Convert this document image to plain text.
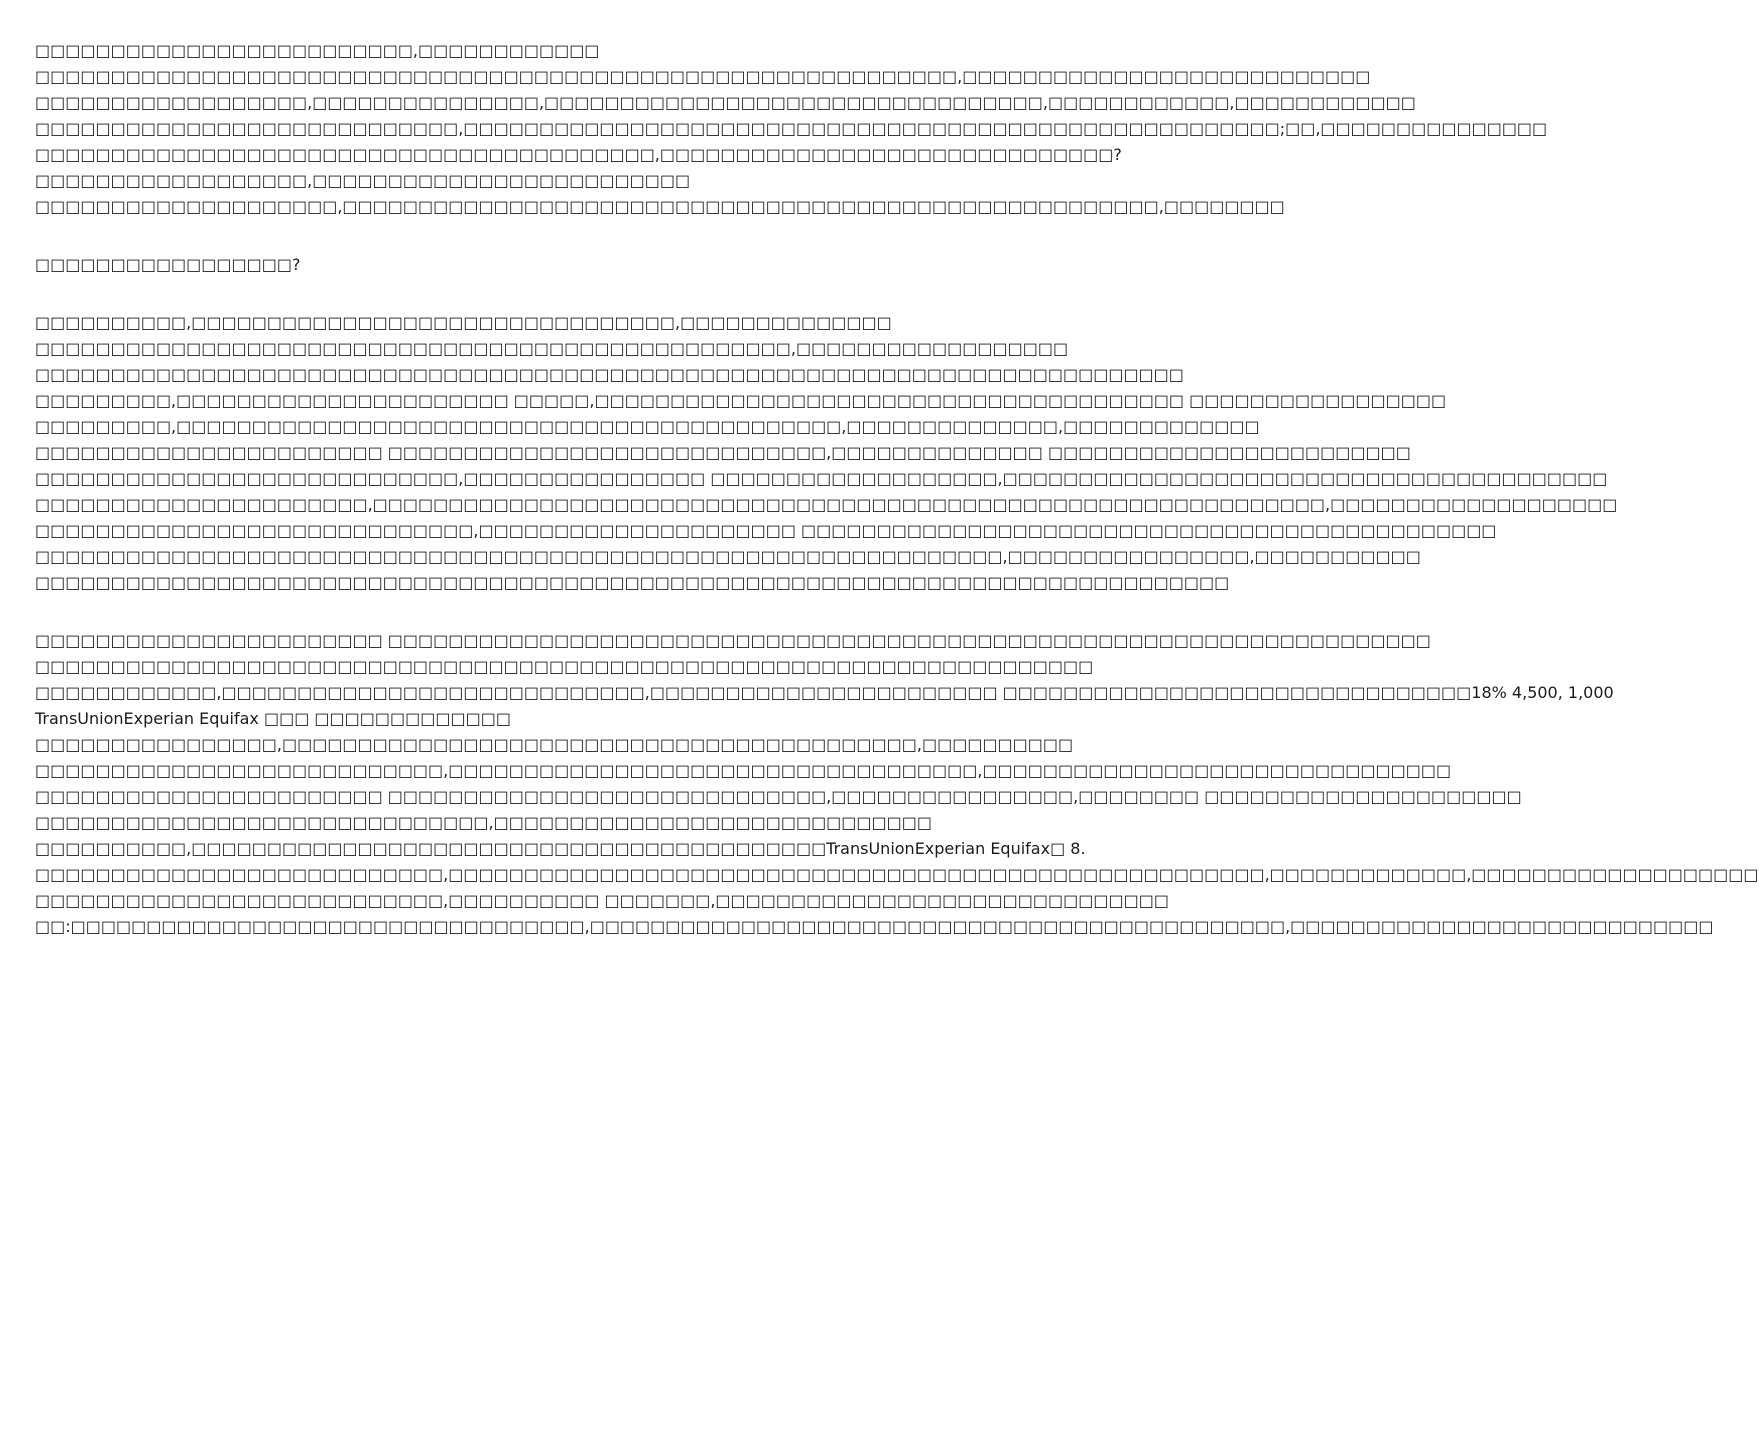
□□□□□□□□□□□□□□□□□□□□□□□□□,□□□□□□□□□□□□
□□□□□□□□□□□□□□□□□□□□□□□□□□□□□□□□□□□□□□□□□□□□□□□□□□□□□□□□□□□□□,□□□□□□□□□□□□□□□□□□□□□□□□□□□
□□□□□□□□□□□□□□□□□□,□□□□□□□□□□□□□□□,□□□□□□□□□□□□□□□□□□□□□□□□□□□□□□□□□,□□□□□□□□□□□□,□□□□□□□□□□□□
□□□□□□□□□□□□□□□□□□□□□□□□□□□□,□□□□□□□□□□□□□□□□□□□□□□□□□□□□□□□□□□□□□□□□□□□□□□□□□□□□□□;□□,□□□□□□□□□□□□□□□
□□□□□□□□□□□□□□□□□□□□□□□□□□□□□□□□□□□□□□□□□,□□□□□□□□□□□□□□□□□□□□□□□□□□□□□□?
□□□□□□□□□□□□□□□□□□,□□□□□□□□□□□□□□□□□□□□□□□□□
□□□□□□□□□□□□□□□□□□□□,□□□□□□□□□□□□□□□□□□□□□□□□□□□□□□□□□□□□□□□□□□□□□□□□□□□□□□,□□□□□□□□
□□□□□□□□□□□□□□□□□?
□□□□□□□□□□,□□□□□□□□□□□□□□□□□□□□□□□□□□□□□□□□,□□□□□□□□□□□□□□
□□□□□□□□□□□□□□□□□□□□□□□□□□□□□□□□□□□□□□□□□□□□□□□□□□,□□□□□□□□□□□□□□□□□□
□□□□□□□□□□□□□□□□□□□□□□□□□□□□□□□□□□□□□□□□□□□□□□□□□□□□□□□□□□□□□□□□□□□□□□□□□□□□
□□□□□□□□□,□□□□□□□□□□□□□□□□□□□□□□ □□□□□,□□□□□□□□□□□□□□□□□□□□□□□□□□□□□□□□□□□□□□□ □□□□□□□□□□□□□□□□□
□□□□□□□□□,□□□□□□□□□□□□□□□□□□□□□□□□□□□□□□□□□□□□□□□□□□□□,□□□□□□□□□□□□□□,□□□□□□□□□□□□□
□□□□□□□□□□□□□□□□□□□□□□□ □□□□□□□□□□□□□□□□□□□□□□□□□□□□□,□□□□□□□□□□□□□□ □□□□□□□□□□□□□□□□□□□□□□□□
□□□□□□□□□□□□□□□□□□□□□□□□□□□□,□□□□□□□□□□□□□□□□ □□□□□□□□□□□□□□□□□□□,□□□□□□□□□□□□□□□□□□□□□□□□□□□□□□□□□□□□□□□□
□□□□□□□□□□□□□□□□□□□□□□,□□□□□□□□□□□□□□□□□□□□□□□□□□□□□□□□□□□□□□□□□□□□□□□□□□□□□□□□□□□□□□□,□□□□□□□□□□□□□□□□□□□
□□□□□□□□□□□□□□□□□□□□□□□□□□□□□,□□□□□□□□□□□□□□□□□□□□□ □□□□□□□□□□□□□□□□□□□□□□□□□□□□□□□□□□□□□□□□□□□□□□
□□□□□□□□□□□□□□□□□□□□□□□□□□□□□□□□□□□□□□□□□□□□□□□□□□□□□□□□□□□□□□□□,□□□□□□□□□□□□□□□□,□□□□□□□□□□□
□□□□□□□□□□□□□□□□□□□□□□□□□□□□□□□□□□□□□□□□□□□□□□□□□□□□□□□□□□□□□□□□□□□□□□□□□□□□□□□
□□□□□□□□□□□□□□□□□□□□□□□ □□□□□□□□□□□□□□□□□□□□□□□□□□□□□□□□□□□□□□□□□□□□□□□□□□□□□□□□□□□□□□□□□□□□□
□□□□□□□□□□□□□□□□□□□□□□□□□□□□□□□□□□□□□□□□□□□□□□□□□□□□□□□□□□□□□□□□□□□□□□
□□□□□□□□□□□□,□□□□□□□□□□□□□□□□□□□□□□□□□□□□,□□□□□□□□□□□□□□□□□□□□□□□ □□□□□□□□□□□□□□□□□□□□□□□□□□□□□□□18% 4,500, 1,000
TransUnionExperian Equifax □□□ □□□□□□□□□□□□□
□□□□□□□□□□□□□□□□,□□□□□□□□□□□□□□□□□□□□□□□□□□□□□□□□□□□□□□□□□□,□□□□□□□□□□
□□□□□□□□□□□□□□□□□□□□□□□□□□□,□□□□□□□□□□□□□□□□□□□□□□□□□□□□□□□□□□□,□□□□□□□□□□□□□□□□□□□□□□□□□□□□□□□
□□□□□□□□□□□□□□□□□□□□□□□ □□□□□□□□□□□□□□□□□□□□□□□□□□□□□,□□□□□□□□□□□□□□□□,□□□□□□□□ □□□□□□□□□□□□□□□□□□□□□
□□□□□□□□□□□□□□□□□□□□□□□□□□□□□□,□□□□□□□□□□□□□□□□□□□□□□□□□□□□□
□□□□□□□□□□,□□□□□□□□□□□□□□□□□□□□□□□□□□□□□□□□□□□□□□□□□□TransUnionExperian Equifax□ 8.
□□□□□□□□□□□□□□□□□□□□□□□□□□□,□□□□□□□□□□□□□□□□□□□□□□□□□□□□□□□□□□□□□□□□□□□□□□□□□□□□□□,□□□□□□□□□□□□□,□□□□□□□□□□□□□□□□□□□
□□□□□□□□□□□□□□□□□□□□□□□□□□□,□□□□□□□□□□ □□□□□□□,□□□□□□□□□□□□□□□□□□□□□□□□□□□□□□
□□:□□□□□□□□□□□□□□□□□□□□□□□□□□□□□□□□□□,□□□□□□□□□□□□□□□□□□□□□□□□□□□□□□□□□□□□□□□□□□□□□□,□□□□□□□□□□□□□□□□□□□□□□□□□□□□
